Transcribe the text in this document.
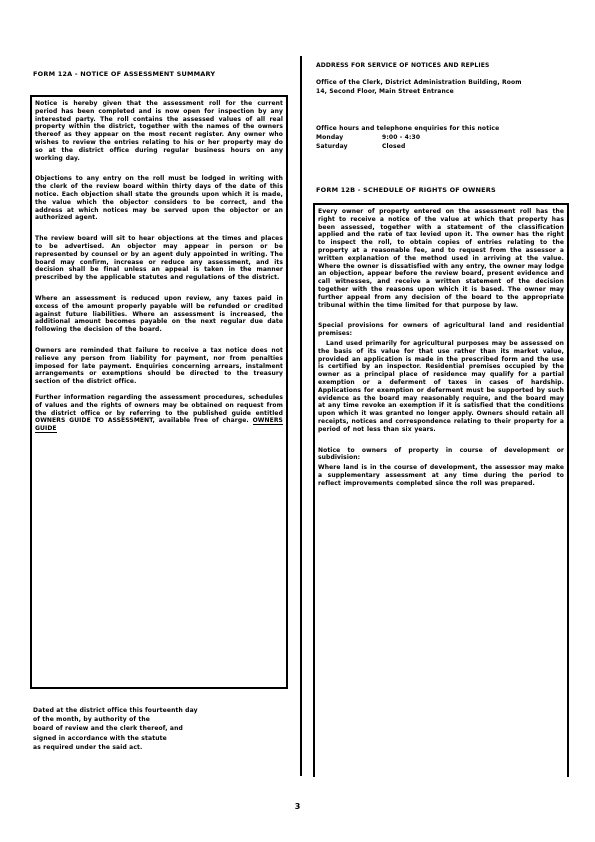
FORM 12A - NOTICE OF ASSESSMENT SUMMARY

Notice is hereby given that the assessment roll for the current period has been completed and is now open for inspection by any interested party. The roll contains the assessed values of all real property within the district, together with the names of the owners thereof as they appear on the most recent register. Any owner who wishes to review the entries relating to his or her property may do so at the district office during regular business hours on any working day.

Objections to any entry on the roll must be lodged in writing with the clerk of the review board within thirty days of the date of this notice. Each objection shall state the grounds upon which it is made, the value which the objector considers to be correct, and the address at which notices may be served upon the objector or an authorized agent.

The review board will sit to hear objections at the times and places to be advertised. An objector may appear in person or be represented by counsel or by an agent duly appointed in writing. The board may confirm, increase or reduce any assessment, and its decision shall be final unless an appeal is taken in the manner prescribed by the applicable statutes and regulations of the district.

Where an assessment is reduced upon review, any taxes paid in excess of the amount properly payable will be refunded or credited against future liabilities. Where an assessment is increased, the additional amount becomes payable on the next regular due date following the decision of the board.

Owners are reminded that failure to receive a tax notice does not relieve any person from liability for payment, nor from penalties imposed for late payment. Enquiries concerning arrears, instalment arrangements or exemptions should be directed to the treasury section of the district office.

Further information regarding the assessment procedures, schedules of values and the rights of owners may be obtained on request from the district office or by referring to the published guide entitled OWNERS GUIDE TO ASSESSMENT, available free of charge. OWNERS GUIDE

Dated at the district office this fourteenth day
of the month, by authority of the
board of review and the clerk thereof, and
signed in accordance with the statute
as required under the said act.
ADDRESS FOR SERVICE OF NOTICES AND REPLIES
Office of the Clerk, District Administration Building, Room
14, Second Floor, Main Street Entrance
Office hours and telephone enquiries for this notice
Monday	9:00 - 4:30
Saturday	Closed
FORM 12B - SCHEDULE OF RIGHTS OF OWNERS

Every owner of property entered on the assessment roll has the right to receive a notice of the value at which that property has been assessed, together with a statement of the classification applied and the rate of tax levied upon it. The owner has the right to inspect the roll, to obtain copies of entries relating to the property at a reasonable fee, and to request from the assessor a written explanation of the method used in arriving at the value. Where the owner is dissatisfied with any entry, the owner may lodge an objection, appear before the review board, present evidence and call witnesses, and receive a written statement of the decision together with the reasons upon which it is based. The owner may further appeal from any decision of the board to the appropriate tribunal within the time limited for that purpose by law.

Special provisions for owners of agricultural land and residential premises:

Land used primarily for agricultural purposes may be assessed on the basis of its value for that use rather than its market value, provided an application is made in the prescribed form and the use is certified by an inspector. Residential premises occupied by the owner as a principal place of residence may qualify for a partial exemption or a deferment of taxes in cases of hardship. Applications for exemption or deferment must be supported by such evidence as the board may reasonably require, and the board may at any time revoke an exemption if it is satisfied that the conditions upon which it was granted no longer apply. Owners should retain all receipts, notices and correspondence relating to their property for a period of not less than six years.

Notice to owners of property in course of development or subdivision:

Where land is in the course of development, the assessor may make a supplementary assessment at any time during the period to reflect improvements completed since the roll was prepared.

3
